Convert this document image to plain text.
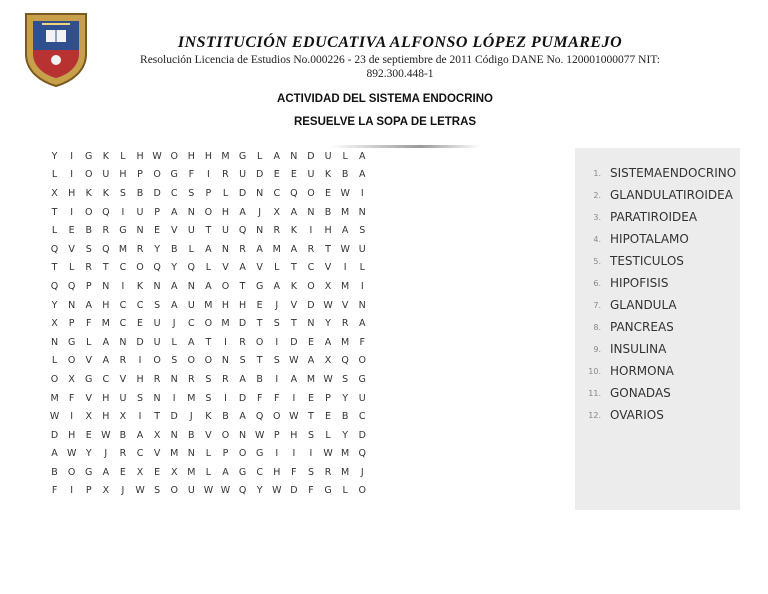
INSTITUCIÓN EDUCATIVA ALFONSO LÓPEZ PUMAREJO
Resolución Licencia de Estudios No.000226 - 23 de septiembre de 2011 Código DANE No. 120001000077 NIT:
892.300.448-1
ACTIVIDAD DEL SISTEMA ENDOCRINO
RESUELVE LA SOPA DE LETRAS
Y	I	G	K	L	H W O	H	H M G	L	A	N	D	U	L	A
L	I	O	U	H	P	O	G	F	I	R	U	D	E	E	U	K	B	A
X	H	K	K	S	B	D	C	S	P	L	D	N	C	Q	O	E W	I
T	I	O	Q	I	U	P	A	N	O	H	A	J	X	A	N	B	M N
L	E	B	R	G	N	E	V	U	T	U	Q	N	R	K	I	H	A	S
Q	V	S	Q M	R	Y	B	L	A	N	R	A	M	A	R	T W U
T	L	R	T	C	O	Q	Y	Q	L	V	A	V	L	T	C	V	I	L
Q	Q	P	N	I	K	N	A	N	A	O	T	G	A	K	O	X	M	I
Y	N	A	H	C	C	S	A	U	M H	H	E	J	V	D W V	N
X	P	F	M	C	E	U	J	C	O M D	T	S	T	N	Y	R	A
N	G	L	A	N	D	U	L	A	T	I	R	O	I	D	E	A	M	F
L	O	V	A	R	I	O	S	O	O	N	S	T	S W A	X	Q	O
O	X	G	C	V	H	R	N	R	S	R	A	B	I	A	M W S	G
M	F	V	H	U	S	N	I	M	S	I	D	F	F	I	E	P	Y	U
W	I	X	H	X	I	T	D	J	K	B	A	Q	O W T	E	B	C
D	H	E W B	A	X	N	B	V	O	N W	P	H	S	L	Y	D
A W Y	J	R	C	V	M N	L	P	O	G	I	I	I	W M Q
B	O	G	A	E	X	E	X	M	L	A	G	C	H	F	S	R	M	J
F	I	P	X	J	W S	O	U W W Q	Y W D	F	G	L	O
1. SISTEMAENDOCRINO
2. GLANDULATIROIDEA
3. PARATIROIDEA
4. HIPOTALAMO
5. TESTICULOS
6. HIPOFISIS
7. GLANDULA
8. PANCREAS
9. INSULINA
10. HORMONA
11. GONADAS
12. OVARIOS
